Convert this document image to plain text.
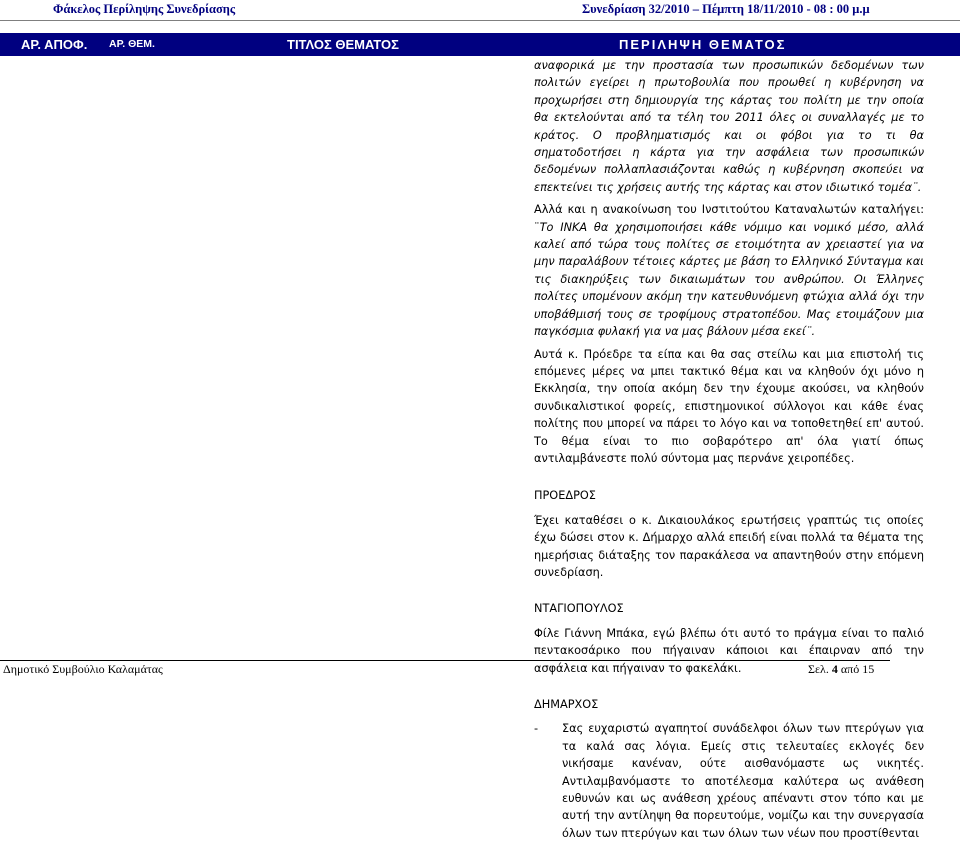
Φάκελος Περίληψης Συνεδρίασης	Συνεδρίαση 32/2010 – Πέμπτη 18/11/2010 - 08 : 00 μ.μ
ΑΡ. ΑΠΟΦ. ΑΡ. ΘΕΜ.	ΤΙΤΛΟΣ ΘΕΜΑΤΟΣ	ΠΕΡΙΛΗΨΗ ΘΕΜΑΤΟΣ

αναφορικά με την προστασία των προσωπικών δεδομένων των πολιτών εγείρει η πρωτοβουλία που προωθεί η κυβέρνηση να προχωρήσει στη δημιουργία της κάρτας του πολίτη με την οποία θα εκτελούνται από τα τέλη του 2011 όλες οι συναλλαγές με το κράτος. Ο προβληματισμός και οι φόβοι για το τι θα σηματοδοτήσει η κάρτα για την ασφάλεια των προσωπικών δεδομένων πολλαπλασιάζονται καθώς η κυβέρνηση σκοπεύει να επεκτείνει τις χρήσεις αυτής της κάρτας και στον ιδιωτικό τομέα¨.

Αλλά και η ανακοίνωση του Ινστιτούτου Καταναλωτών καταλήγει: ¨Το ΙΝΚΑ θα χρησιμοποιήσει κάθε νόμιμο και νομικό μέσο, αλλά καλεί από τώρα τους πολίτες σε ετοιμότητα αν χρειαστεί για να μην παραλάβουν τέτοιες κάρτες με βάση το Ελληνικό Σύνταγμα και τις διακηρύξεις των δικαιωμάτων του ανθρώπου. Οι Έλληνες πολίτες υπομένουν ακόμη την κατευθυνόμενη φτώχια αλλά όχι την υποβάθμισή τους σε τροφίμους στρατοπέδου. Μας ετοιμάζουν μια παγκόσμια φυλακή για να μας βάλουν μέσα εκεί¨.

Αυτά κ. Πρόεδρε τα είπα και θα σας στείλω και μια επιστολή τις επόμενες μέρες να μπει τακτικό θέμα και να κληθούν όχι μόνο η Εκκλησία, την οποία ακόμη δεν την έχουμε ακούσει, να κληθούν συνδικαλιστικοί φορείς, επιστημονικοί σύλλογοι και κάθε ένας πολίτης που μπορεί να πάρει το λόγο και να τοποθετηθεί επ' αυτού. Το θέμα είναι το πιο σοβαρότερο απ' όλα γιατί όπως αντιλαμβάνεστε πολύ σύντομα μας περνάνε χειροπέδες.

ΠΡΟΕΔΡΟΣ

Έχει καταθέσει ο κ. Δικαιουλάκος ερωτήσεις γραπτώς τις οποίες έχω δώσει στον κ. Δήμαρχο αλλά επειδή είναι πολλά τα θέματα της ημερήσιας διάταξης τον παρακάλεσα να απαντηθούν στην επόμενη συνεδρίαση.

ΝΤΑΓΙΟΠΟΥΛΟΣ

Φίλε Γιάννη Μπάκα, εγώ βλέπω ότι αυτό το πράγμα είναι το παλιό πεντακοσάρικο που πήγαιναν κάποιοι και έπαιρναν από την ασφάλεια και πήγαιναν το φακελάκι.

ΔΗΜΑΡΧΟΣ

- Σας ευχαριστώ αγαπητοί συνάδελφοι όλων των πτερύγων για τα καλά σας λόγια. Εμείς στις τελευταίες εκλογές δεν νικήσαμε κανέναν, ούτε αισθανόμαστε ως νικητές. Αντιλαμβανόμαστε το αποτέλεσμα καλύτερα ως ανάθεση ευθυνών και ως ανάθεση χρέους απέναντι στον τόπο και με αυτή την αντίληψη θα πορευτούμε, νομίζω και την συνεργασία όλων των πτερύγων και των όλων των νέων που προστίθενται

Δημοτικό Συμβούλιο Καλαμάτας	Σελ. 4 από 15
